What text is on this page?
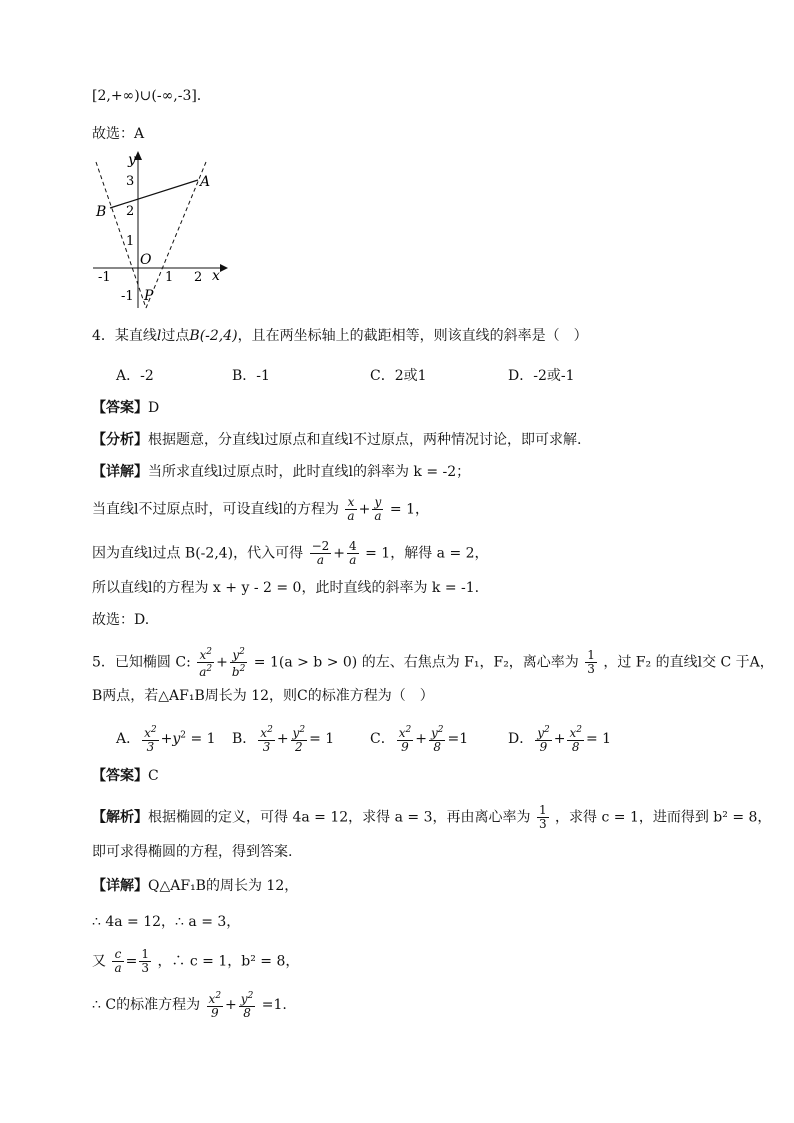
[2,+∞)∪(-∞,-3].
故选：A
3
2
1
-1
-1	1 2
y
x
O
A
B
P
4．某直线l过点B(-2,4)，且在两坐标轴上的截距相等，则该直线的斜率是（　）
A．-2	B．-1	C．2或1	D．-2或-1
【答案】D
【分析】根据题意，分直线l过原点和直线l不过原点，两种情况讨论，即可求解.
【详解】当所求直线l过原点时，此时直线l的斜率为 k = -2；
当直线l不过原点时，可设直线l的方程为 $\frac{x}{a} + \frac{y}{a} = 1$，
因为直线l过点 B(-2,4)，代入可得 $\frac{-2}{a} + \frac{4}{a} = 1$，解得 a = 2，
所以直线l的方程为 x + y - 2 = 0，此时直线的斜率为 k = -1.
故选：D.
5．已知椭圆 C: $\frac{x^2}{a^2} + \frac{y^2}{b^2} = 1(a > b > 0)$ 的左、右焦点为 F₁，F₂，离心率为 $\frac{1}{3}$ ，过 F₂ 的直线l交 C 于A，
B两点，若△AF₁B周长为 12，则C的标准方程为（　）
A． $\frac{x^2}{3} +y^2 = 1$ B． $\frac{x^2}{3} + \frac{y^2}{2} = 1$	C． $\frac{x^2}{9} + \frac{y^2}{8} =1$	D． $\frac{y^2}{9} + \frac{x^2}{8} = 1$
【答案】C
【解析】根据椭圆的定义，可得 4a = 12，求得 a = 3，再由离心率为 $\frac{1}{3}$ ，求得 c = 1，进而得到 b² = 8，
即可求得椭圆的方程，得到答案.
【详解】Q△AF₁B的周长为 12，
∴ 4a = 12，∴ a = 3，
又 $\frac{c}{a} = \frac{1}{3}$ ，∴ c = 1，b² = 8，
∴ C的标准方程为 $\frac{x^2}{9} + \frac{y^2}{8} =1$.
